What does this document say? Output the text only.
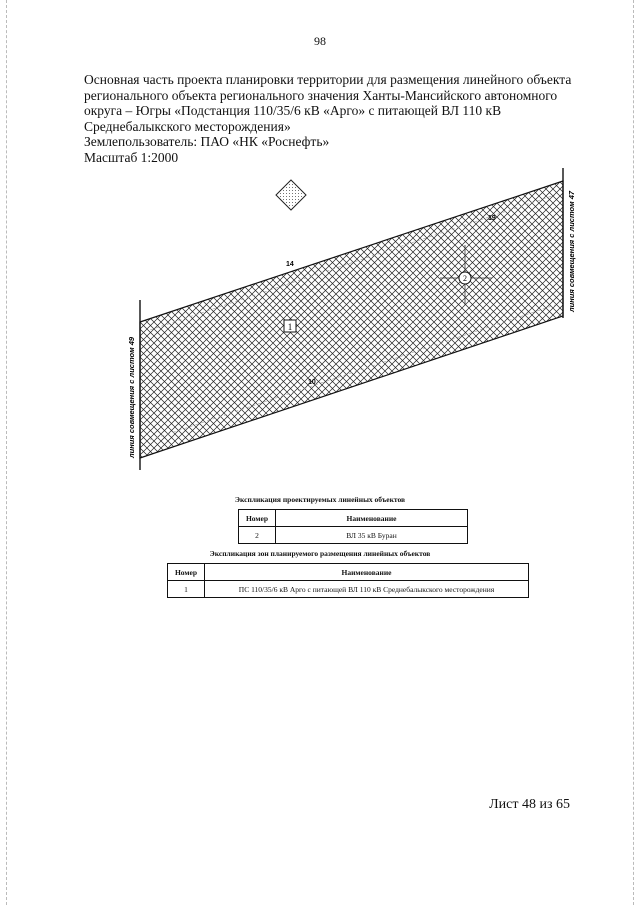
98
Основная часть проекта планировки территории для размещения линейного объекта
регионального объекта регионального значения Ханты-Мансийского автономного
округа – Югры «Подстанция 110/35/6 кВ «Арго» с питающей ВЛ 110 кВ
Среднебалыкского месторождения»
Землепользователь: ПАО «НК «Роснефть»
Масштаб 1:2000
1
2
14
19
10
линия совмещения с листом 49
линия совмещения с листом 47
Экспликация проектируемых линейных объектов
Номер	Наименование
2	ВЛ 35 кВ Буран
Экспликация зон планируемого размещения линейных объектов
Номер	Наименование
1	ПС 110/35/6 кВ Арго с питающей ВЛ 110 кВ Среднебалыкского месторождения
Лист 48 из 65
